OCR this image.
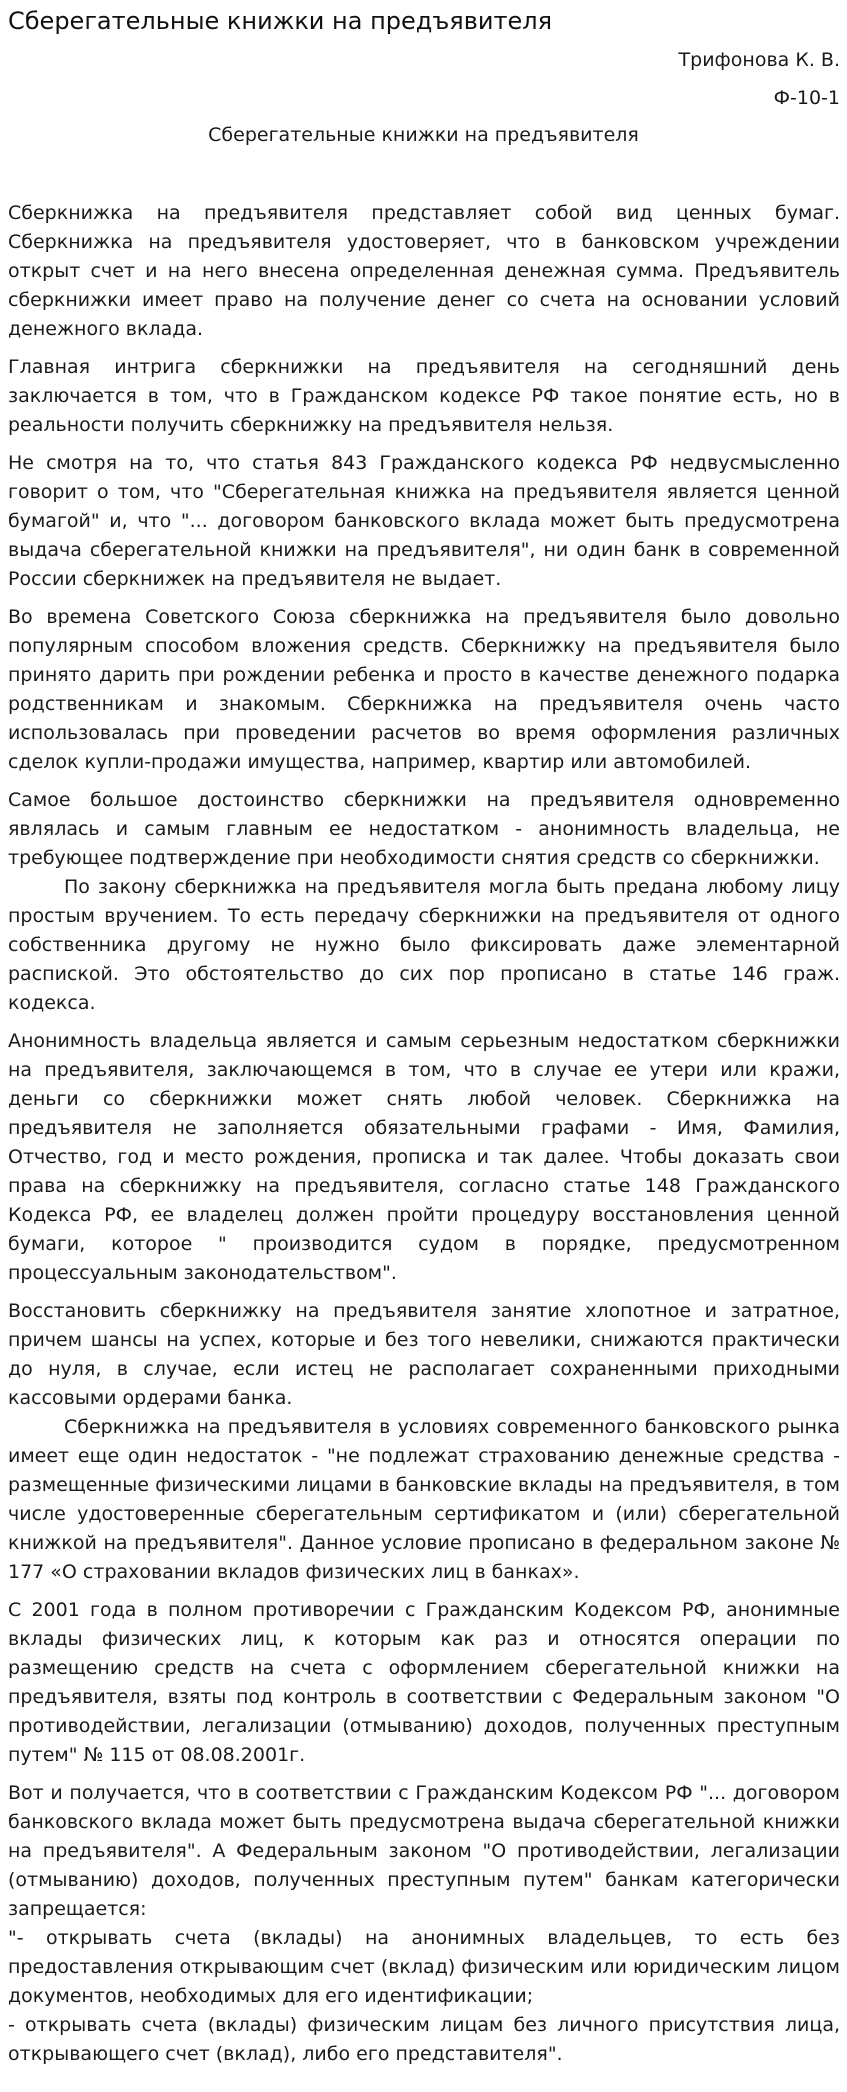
Сберегательные книжки на предъявителя
Трифонова К. В.
Ф-10-1
Сберегательные книжки на предъявителя

Сберкнижка на предъявителя представляет собой вид ценных бумаг. Сберкнижка на предъявителя удостоверяет, что в банковском учреждении открыт счет и на него внесена определенная денежная сумма. Предъявитель сберкнижки имеет право на получение денег со счета на основании условий денежного вклада.

Главная интрига сберкнижки на предъявителя на сегодняшний день заключается в том, что в Гражданском кодексе РФ такое понятие есть, но в реальности получить сберкнижку на предъявителя нельзя.

Не смотря на то, что статья 843 Гражданского кодекса РФ недвусмысленно говорит о том, что "Сберегательная книжка на предъявителя является ценной бумагой" и, что "... договором банковского вклада может быть предусмотрена выдача сберегательной книжки на предъявителя", ни один банк в современной России сберкнижек на предъявителя не выдает.

Во времена Советского Союза сберкнижка на предъявителя было довольно популярным способом вложения средств. Сберкнижку на предъявителя было принято дарить при рождении ребенка и просто в качестве денежного подарка родственникам и знакомым. Сберкнижка на предъявителя очень часто использовалась при проведении расчетов во время оформления различных сделок купли-продажи имущества, например, квартир или автомобилей.

Самое большое достоинство сберкнижки на предъявителя одновременно являлась и самым главным ее недостатком - анонимность владельца, не требующее подтверждение при необходимости снятия средств со сберкнижки.

По закону сберкнижка на предъявителя могла быть предана любому лицу простым вручением. То есть передачу сберкнижки на предъявителя от одного собственника другому не нужно было фиксировать даже элементарной распиской. Это обстоятельство до сих пор прописано в статье 146 граж. кодекса.

Анонимность владельца является и самым серьезным недостатком сберкнижки на предъявителя, заключающемся в том, что в случае ее утери или кражи, деньги со сберкнижки может снять любой человек. Сберкнижка на предъявителя не заполняется обязательными графами - Имя, Фамилия, Отчество, год и место рождения, прописка и так далее. Чтобы доказать свои права на сберкнижку на предъявителя, согласно статье 148 Гражданского Кодекса РФ, ее владелец должен пройти процедуру восстановления ценной бумаги, которое " производится судом в порядке, предусмотренном процессуальным законодательством".

Восстановить сберкнижку на предъявителя занятие хлопотное и затратное, причем шансы на успех, которые и без того невелики, снижаются практически до нуля, в случае, если истец не располагает сохраненными приходными кассовыми ордерами банка.

Сберкнижка на предъявителя в условиях современного банковского рынка имеет еще один недостаток - "не подлежат страхованию денежные средства - размещенные физическими лицами в банковские вклады на предъявителя, в том числе удостоверенные сберегательным сертификатом и (или) сберегательной книжкой на предъявителя". Данное условие прописано в федеральном законе № 177 «О страховании вкладов физических лиц в банках».

С 2001 года в полном противоречии с Гражданским Кодексом РФ, анонимные вклады физических лиц, к которым как раз и относятся операции по размещению средств на счета с оформлением сберегательной книжки на предъявителя, взяты под контроль в соответствии с Федеральным законом "О противодействии, легализации (отмыванию) доходов, полученных преступным путем" № 115 от 08.08.2001г.

Вот и получается, что в соответствии с Гражданским Кодексом РФ "... договором банковского вклада может быть предусмотрена выдача сберегательной книжки на предъявителя". А Федеральным законом "О противодействии, легализации (отмыванию) доходов, полученных преступным путем" банкам категорически запрещается:

"- открывать счета (вклады) на анонимных владельцев, то есть без предоставления открывающим счет (вклад) физическим или юридическим лицом документов, необходимых для его идентификации;

- открывать счета (вклады) физическим лицам без личного присутствия лица, открывающего счет (вклад), либо его представителя".
